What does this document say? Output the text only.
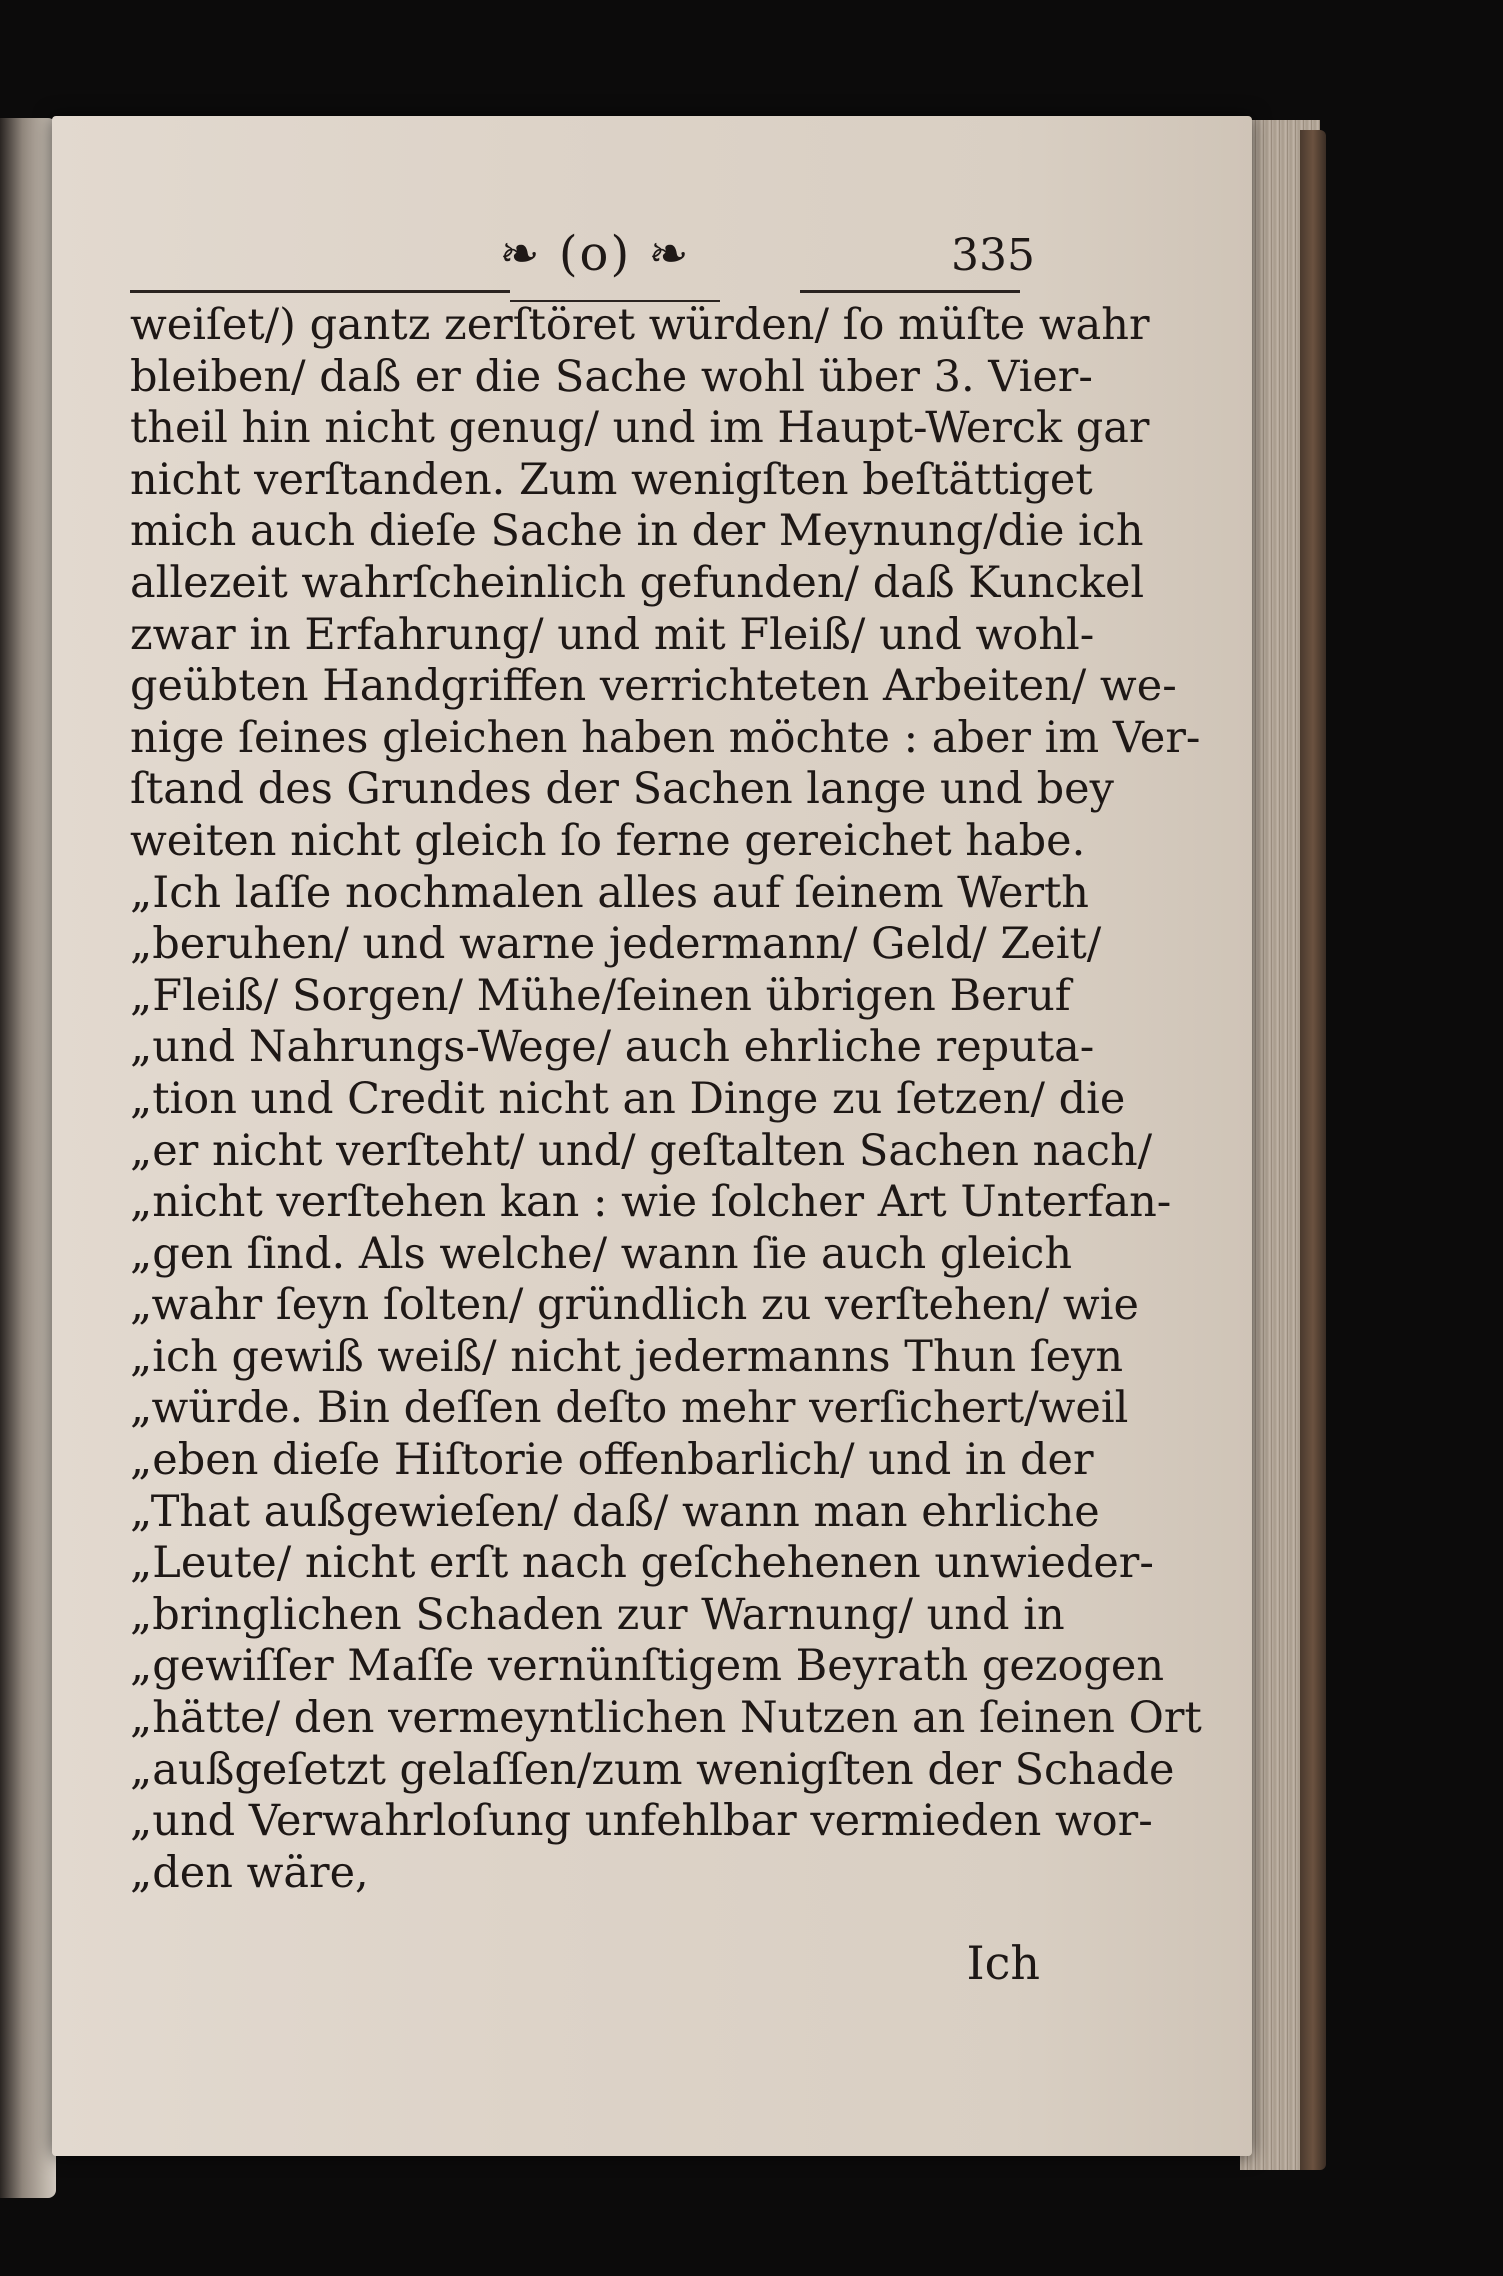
❧ (o) ❧	335
weiſet/) gantz zerſtöret würden/ ſo müſte wahr
bleiben/ daß er die Sache wohl über 3. Vier-
theil hin nicht genug/ und im Haupt-Werck gar
nicht verſtanden. Zum wenigſten beſtättiget
mich auch dieſe Sache in der Meynung/die ich
allezeit wahrſcheinlich gefunden/ daß Kunckel
zwar in Erfahrung/ und mit Fleiß/ und wohl-
geübten Handgriffen verrichteten Arbeiten/ we-
nige ſeines gleichen haben möchte : aber im Ver-
ſtand des Grundes der Sachen lange und bey
weiten nicht gleich ſo ferne gereichet habe.
„Ich laſſe nochmalen alles auf ſeinem Werth
„beruhen/ und warne jedermann/ Geld/ Zeit/
„Fleiß/ Sorgen/ Mühe/ſeinen übrigen Beruf
„und Nahrungs-Wege/ auch ehrliche reputa-
„tion und Credit nicht an Dinge zu ſetzen/ die
„er nicht verſteht/ und/ geſtalten Sachen nach/
„nicht verſtehen kan : wie ſolcher Art Unterfan-
„gen ſind. Als welche/ wann ſie auch gleich
„wahr ſeyn ſolten/ gründlich zu verſtehen/ wie
„ich gewiß weiß/ nicht jedermanns Thun ſeyn
„würde. Bin deſſen deſto mehr verſichert/weil
„eben dieſe Hiſtorie offenbarlich/ und in der
„That außgewieſen/ daß/ wann man ehrliche
„Leute/ nicht erſt nach geſchehenen unwieder-
„bringlichen Schaden zur Warnung/ und in
„gewiſſer Maſſe vernünſtigem Beyrath gezogen
„hätte/ den vermeyntlichen Nutzen an ſeinen Ort
„außgeſetzt gelaſſen/zum wenigſten der Schade
„und Verwahrloſung unfehlbar vermieden wor-
„den wäre,
Ich
